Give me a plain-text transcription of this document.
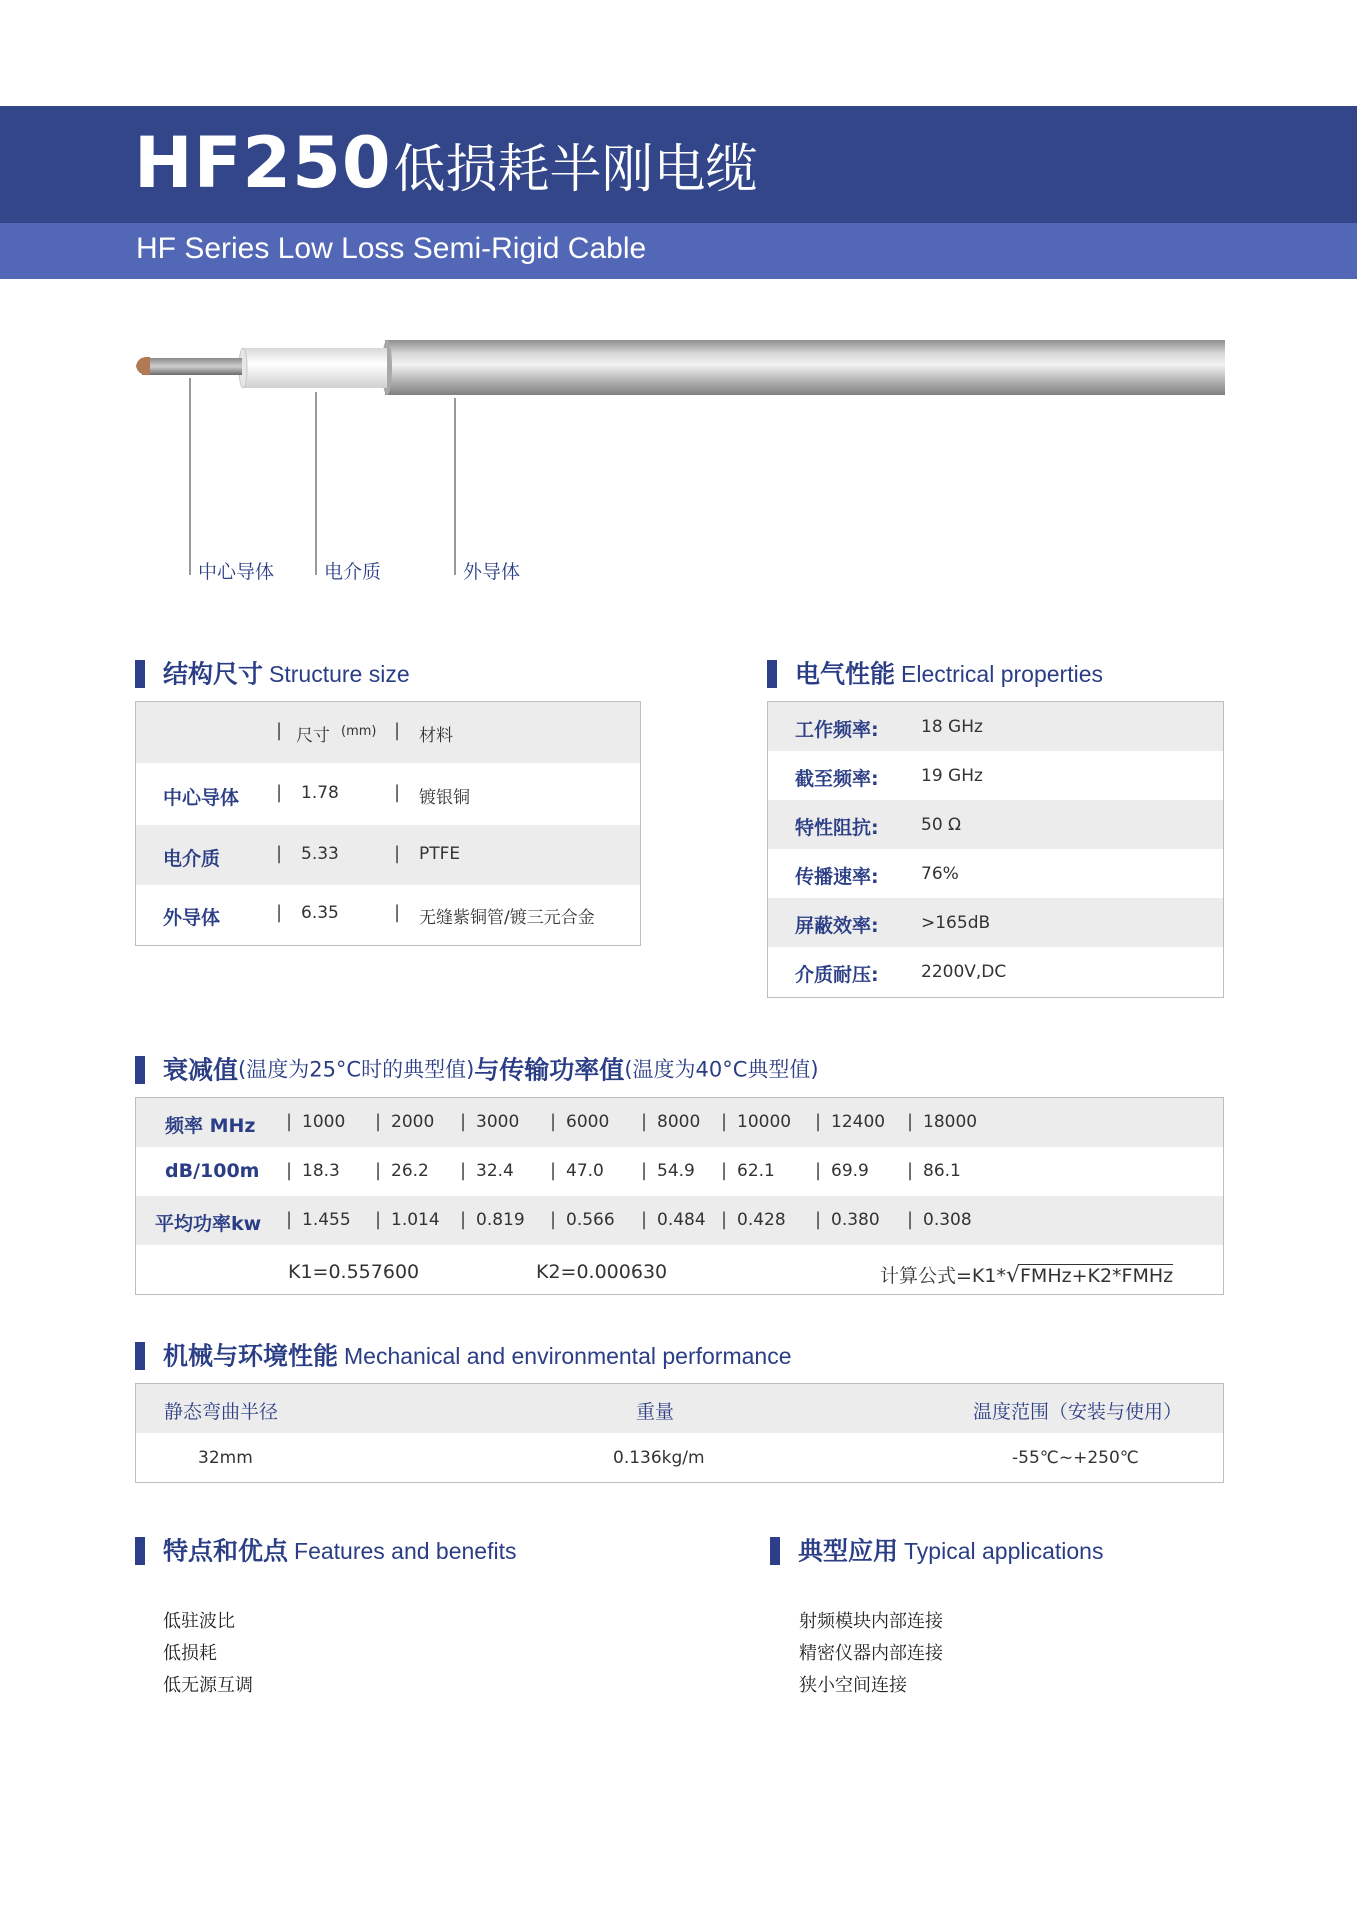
HF250低损耗半刚电缆
HF Series Low Loss Semi-Rigid Cable
中心导体	电介质	外导体
结构尺寸 Structure size
| 尺寸 (mm) | 材料
中心导体 | 1.78	| 镀银铜
电介质	| 5.33	| PTFE
外导体	| 6.35	| 无缝紫铜管/镀三元合金
电气性能 Electrical properties
工作频率: 18 GHz
截至频率: 19 GHz
特性阻抗: 50 Ω
传播速率: 76%
屏蔽效率: >165dB
介质耐压: 2200V,DC
衰减值(温度为25°C时的典型值)与传输功率值(温度为40°C典型值)
频率 MHz | 1000 | 2000 | 3000 | 6000 | 8000 | 10000 | 12400 | 18000
dB/100m | 18.3 | 26.2 | 32.4 | 47.0 | 54.9 | 62.1 | 69.9 | 86.1
平均功率kw | 1.455 | 1.014 | 0.819 | 0.566 | 0.484 | 0.428 | 0.380 | 0.308
K1=0.557600	K2=0.000630	计算公式=K1*√FMHz+K2*FMHz
机械与环境性能 Mechanical and environmental performance
静态弯曲半径	重量	温度范围（安装与使用）
32mm	0.136kg/m	-55℃~+250℃
特点和优点 Features and benefits
低驻波比
低损耗
低无源互调
典型应用 Typical applications
射频模块内部连接
精密仪器内部连接
狭小空间连接
